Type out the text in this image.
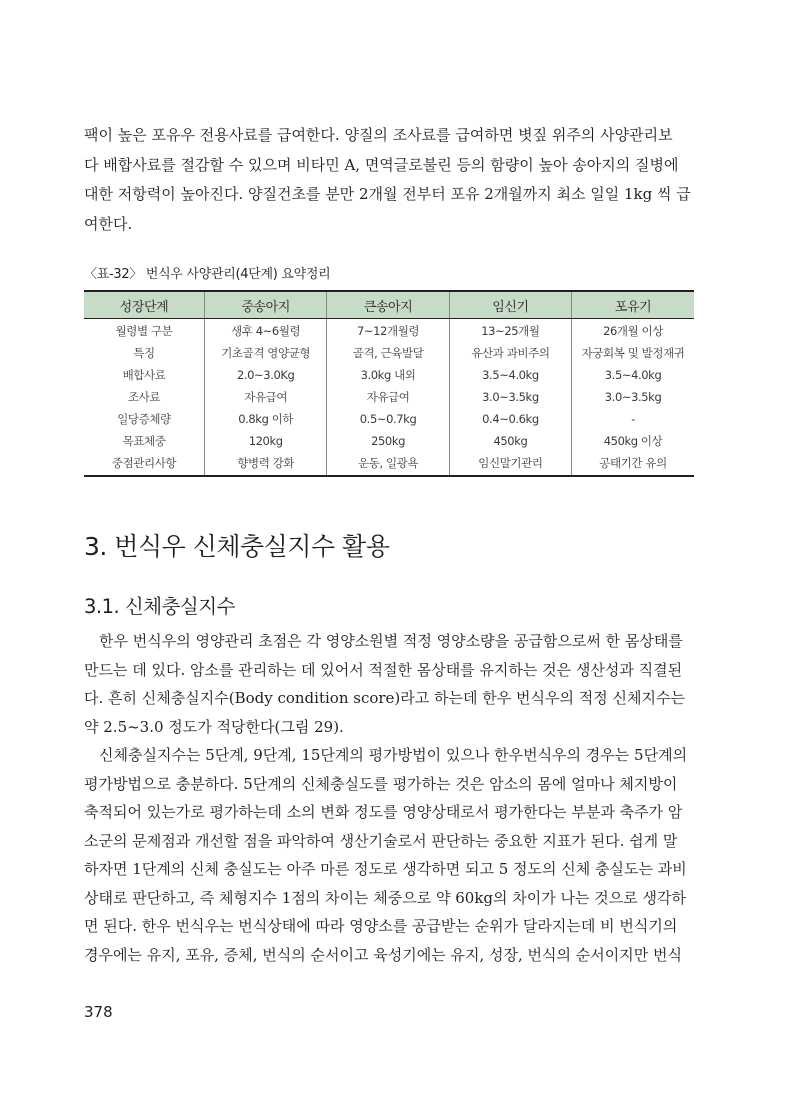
팩이 높은 포유우 전용사료를 급여한다. 양질의 조사료를 급여하면 볏짚 위주의 사양관리보
다 배합사료를 절감할 수 있으며 비타민 A, 면역글로불린 등의 함량이 높아 송아지의 질병에
대한 저항력이 높아진다. 양질건초를 분만 2개월 전부터 포유 2개월까지 최소 일일 1kg 씩 급
여한다.
〈표-32〉 번식우 사양관리(4단계) 요약정리
성장단계	중송아지	큰송아지	임신기	포유기
월령별 구분	생후 4~6월령	7~12개월령	13~25개월	26개월 이상
특징	기초골격 영양균형	골격, 근육발달	유산과 과비주의	자궁회복 및 발정재귀
배합사료	2.0~3.0Kg	3.0kg 내외	3.5~4.0kg	3.5~4.0kg
조사료	자유급여	자유급여	3.0~3.5kg	3.0~3.5kg
일당증체량	0.8kg 이하	0.5~0.7kg	0.4~0.6kg	-
목표체중	120kg	250kg	450kg	450kg 이상
중점관리사항	향병력 강화	운동, 일광욕	임신말기관리	공태기간 유의
3. 번식우 신체충실지수 활용
3.1. 신체충실지수
한우 번식우의 영양관리 초점은 각 영양소원별 적정 영양소량을 공급함으로써 한 몸상태를
만드는 데 있다. 암소를 관리하는 데 있어서 적절한 몸상태를 유지하는 것은 생산성과 직결된
다. 흔히 신체충실지수(Body condition score)라고 하는데 한우 번식우의 적정 신체지수는
약 2.5~3.0 정도가 적당한다(그림 29).
신체충실지수는 5단계, 9단계, 15단계의 평가방법이 있으나 한우번식우의 경우는 5단계의
평가방법으로 충분하다. 5단계의 신체충실도를 평가하는 것은 암소의 몸에 얼마나 체지방이
축적되어 있는가로 평가하는데 소의 변화 정도를 영양상태로서 평가한다는 부분과 축주가 암
소군의 문제점과 개선할 점을 파악하여 생산기술로서 판단하는 중요한 지표가 된다. 쉽게 말
하자면 1단계의 신체 충실도는 아주 마른 정도로 생각하면 되고 5 정도의 신체 충실도는 과비
상태로 판단하고, 즉 체형지수 1점의 차이는 체중으로 약 60kg의 차이가 나는 것으로 생각하
면 된다. 한우 번식우는 번식상태에 따라 영양소를 공급받는 순위가 달라지는데 비 번식기의
경우에는 유지, 포유, 증체, 번식의 순서이고 육성기에는 유지, 성장, 번식의 순서이지만 번식
378
